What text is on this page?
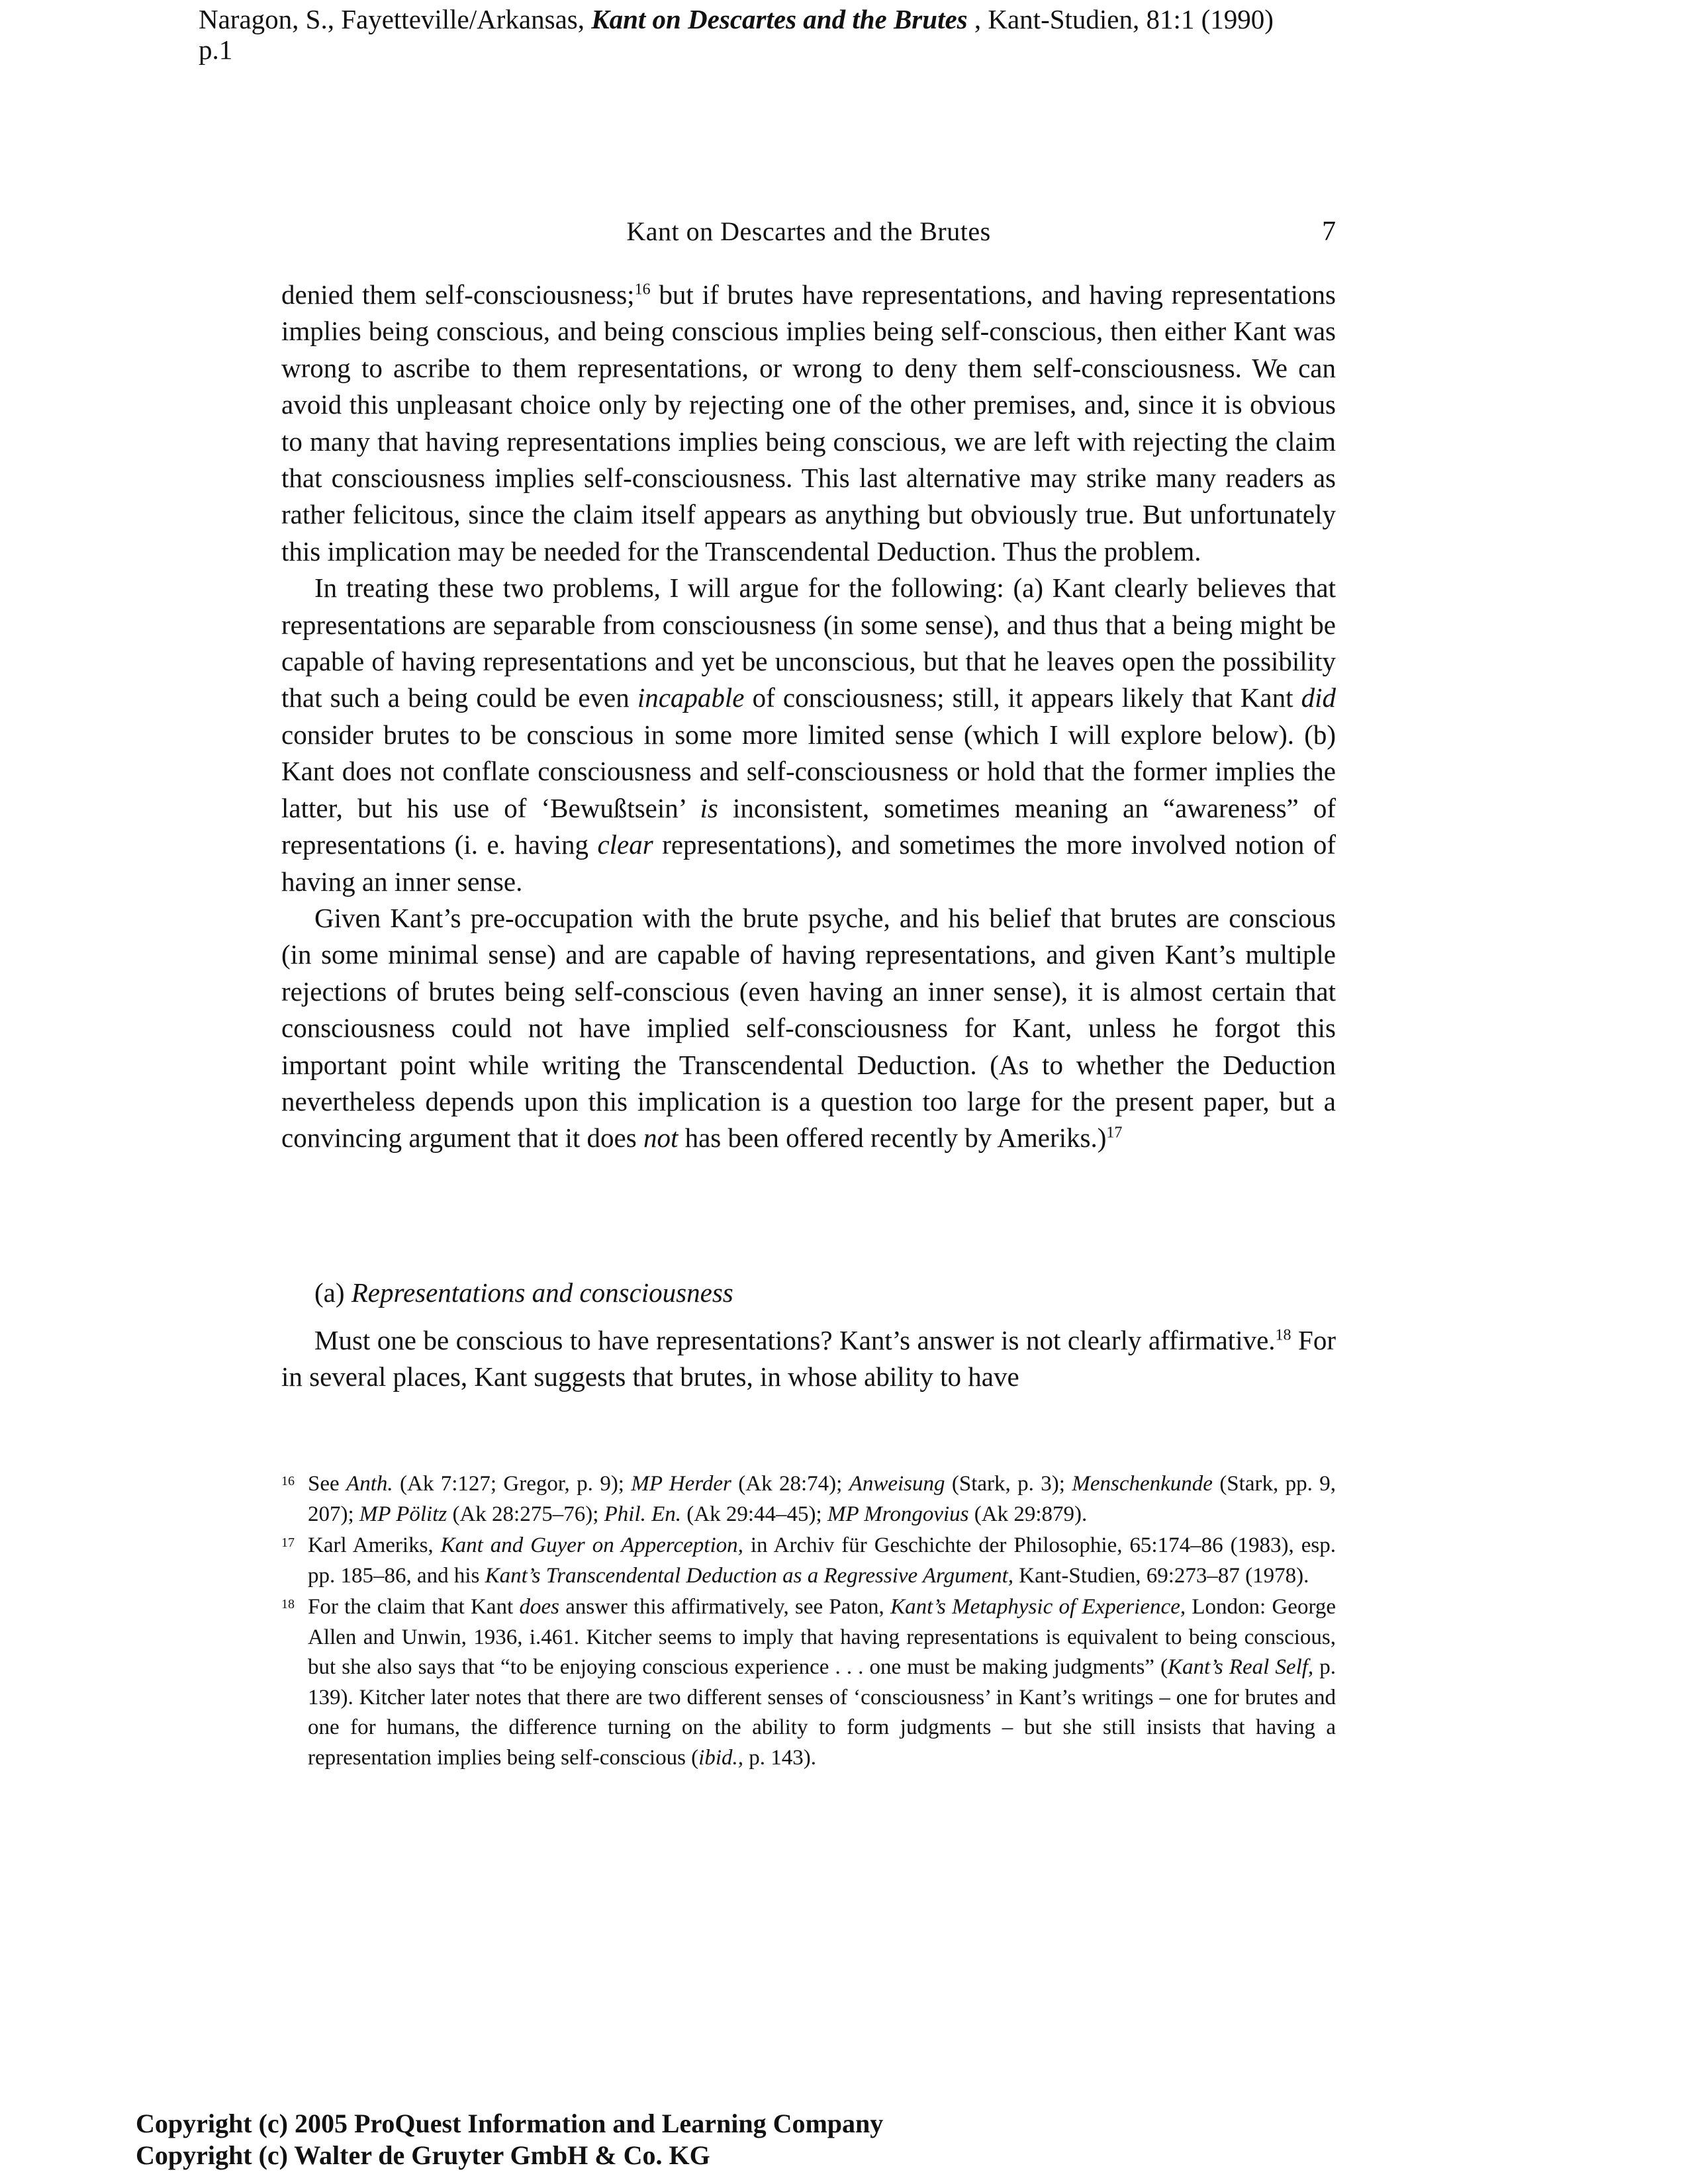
Naragon, S., Fayetteville/Arkansas, Kant on Descartes and the Brutes , Kant-Studien, 81:1 (1990)
p.1
Kant on Descartes and the Brutes	7

denied them self-consciousness;$^{16}$ but if brutes have representations, and having representations implies being conscious, and being conscious implies being self-conscious, then either Kant was wrong to ascribe to them representations, or wrong to deny them self-consciousness. We can avoid this unpleasant choice only by rejecting one of the other premises, and, since it is obvious to many that having representations implies being conscious, we are left with rejecting the claim that consciousness implies self-consciousness. This last alternative may strike many readers as rather felicitous, since the claim itself appears as anything but obviously true. But unfortunately this implication may be needed for the Transcendental Deduction. Thus the problem.

In treating these two problems, I will argue for the following: (a) Kant clearly believes that representations are separable from consciousness (in some sense), and thus that a being might be capable of having representations and yet be unconscious, but that he leaves open the possibility that such a being could be even incapable of consciousness; still, it appears likely that Kant did consider brutes to be conscious in some more limited sense (which I will explore below). (b) Kant does not conflate consciousness and self-consciousness or hold that the former implies the latter, but his use of ‘Bewußtsein’ is inconsistent, sometimes meaning an “awareness” of representations (i. e. having clear representations), and sometimes the more involved notion of having an inner sense.

Given Kant’s pre-occupation with the brute psyche, and his belief that brutes are conscious (in some minimal sense) and are capable of having representations, and given Kant’s multiple rejections of brutes being self-conscious (even having an inner sense), it is almost certain that consciousness could not have implied self-consciousness for Kant, unless he forgot this important point while writing the Transcendental Deduction. (As to whether the Deduction nevertheless depends upon this implication is a question too large for the present paper, but a convincing argument that it does not has been offered recently by Ameriks.)$^{17}$

(a) Representations and consciousness

Must one be conscious to have representations? Kant’s answer is not clearly affirmative.$^{18}$ For in several places, Kant suggests that brutes, in whose ability to have

16 See Anth. (Ak 7:127; Gregor, p. 9); MP Herder (Ak 28:74); Anweisung (Stark, p. 3); Menschenkunde (Stark, pp. 9, 207); MP Pölitz (Ak 28:275–76); Phil. En. (Ak 29:44–45); MP Mrongovius (Ak 29:879).
17 Karl Ameriks, Kant and Guyer on Apperception, in Archiv für Geschichte der Philosophie, 65:174–86 (1983), esp. pp. 185–86, and his Kant’s Transcendental Deduction as a Regressive Argument, Kant-Studien, 69:273–87 (1978).
18 For the claim that Kant does answer this affirmatively, see Paton, Kant’s Metaphysic of Experience, London: George Allen and Unwin, 1936, i.461. Kitcher seems to imply that having representations is equivalent to being conscious, but she also says that “to be enjoying conscious experience . . . one must be making judgments” (Kant’s Real Self, p. 139). Kitcher later notes that there are two different senses of ‘consciousness’ in Kant’s writings – one for brutes and one for humans, the difference turning on the ability to form judgments – but she still insists that having a representation implies being self-conscious (ibid., p. 143).
Copyright (c) 2005 ProQuest Information and Learning Company
Copyright (c) Walter de Gruyter GmbH & Co. KG
